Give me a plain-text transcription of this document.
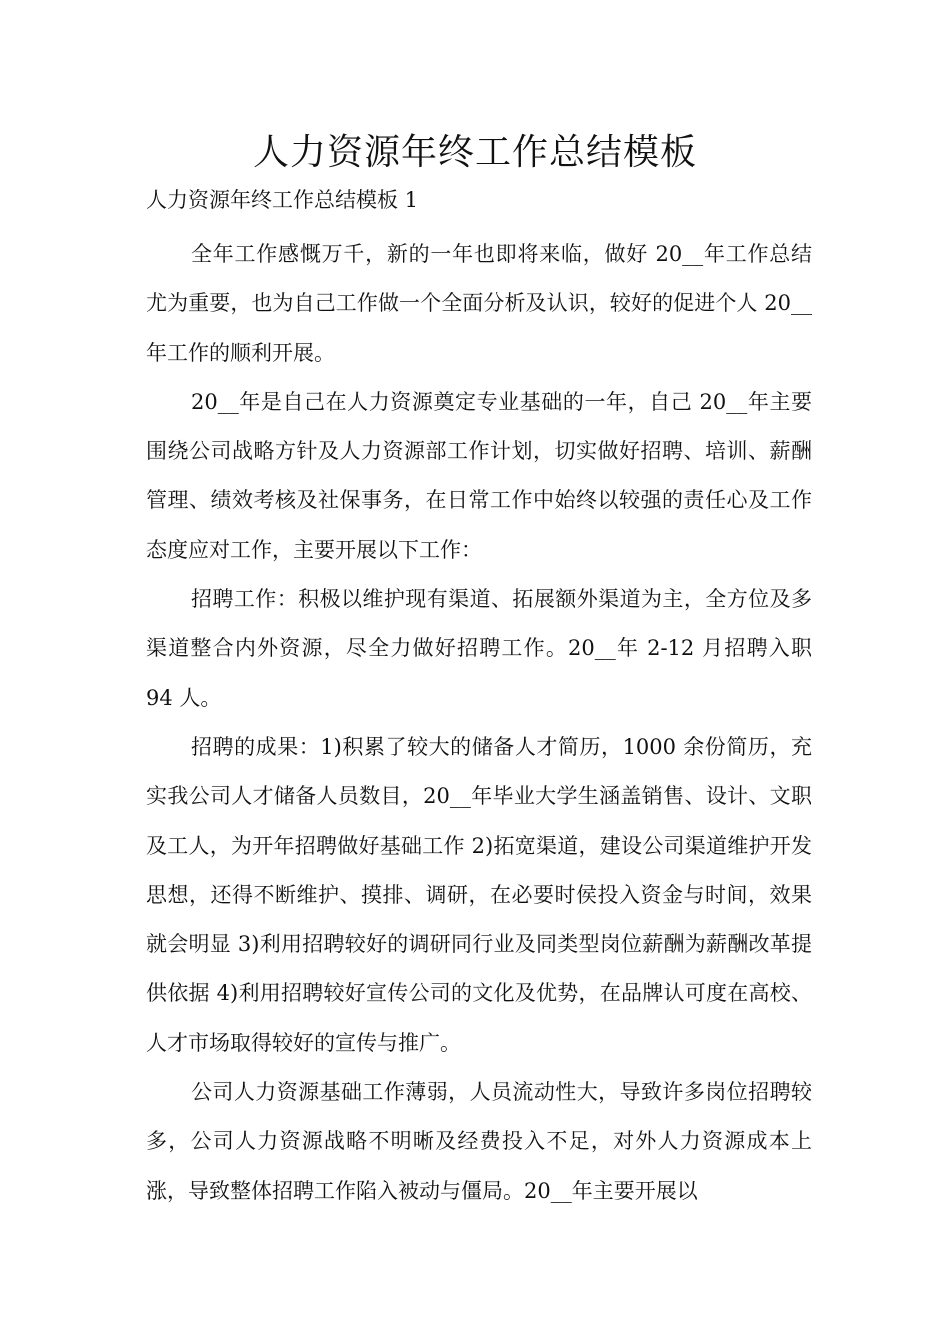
人力资源年终工作总结模板

人力资源年终工作总结模板 1

全年工作感慨万千，新的一年也即将来临，做好 20__年工作总结尤为重要，也为自己工作做一个全面分析及认识，较好的促进个人 20__年工作的顺利开展。

20__年是自己在人力资源奠定专业基础的一年，自己 20__年主要围绕公司战略方针及人力资源部工作计划，切实做好招聘、培训、薪酬管理、绩效考核及社保事务，在日常工作中始终以较强的责任心及工作态度应对工作，主要开展以下工作：

招聘工作：积极以维护现有渠道、拓展额外渠道为主，全方位及多渠道整合内外资源，尽全力做好招聘工作。20__年 2-12 月招聘入职 94 人。

招聘的成果：1)积累了较大的储备人才简历，1000 余份简历，充实我公司人才储备人员数目，20__年毕业大学生涵盖销售、设计、文职及工人，为开年招聘做好基础工作 2)拓宽渠道，建设公司渠道维护开发思想，还得不断维护、摸排、调研，在必要时侯投入资金与时间，效果就会明显 3)利用招聘较好的调研同行业及同类型岗位薪酬为薪酬改革提供依据 4)利用招聘较好宣传公司的文化及优势，在品牌认可度在高校、人才市场取得较好的宣传与推广。

公司人力资源基础工作薄弱，人员流动性大，导致许多岗位招聘较多，公司人力资源战略不明晰及经费投入不足，对外人力资源成本上涨，导致整体招聘工作陷入被动与僵局。20__年主要开展以
